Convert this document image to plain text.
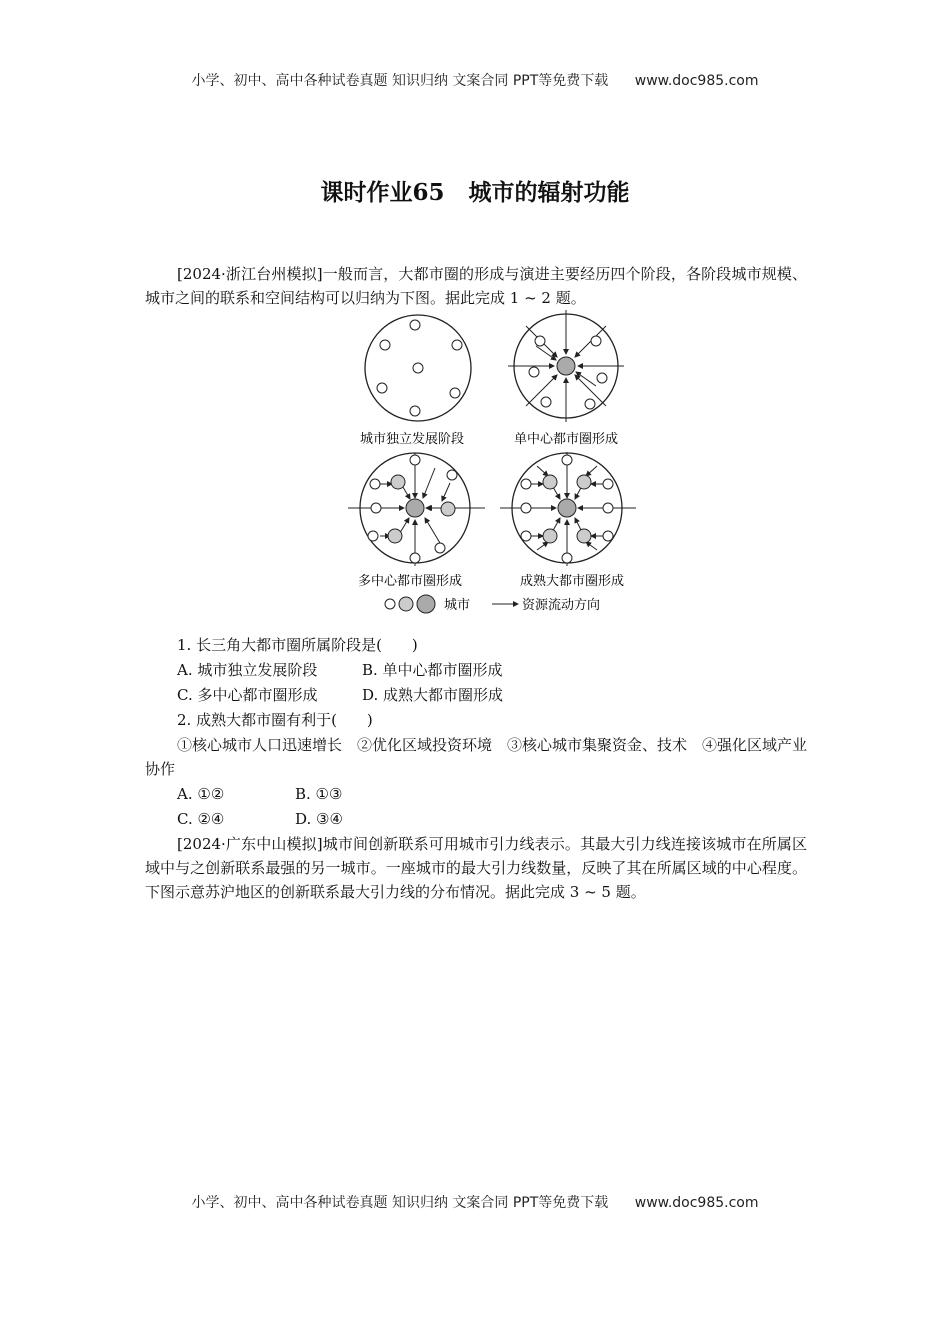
小学、初中、高中各种试卷真题 知识归纳 文案合同 PPT等免费下载 www.doc985.com
课时作业65 城市的辐射功能
[2024·浙江台州模拟]一般而言，大都市圈的形成与演进主要经历四个阶段，各阶段城市规模、城市之间的联系和空间结构可以归纳为下图。据此完成 1 ~ 2 题。
城市独立发展阶段	单中心都市圈形成
多中心都市圈形成	成熟大都市圈形成
城市	资源流动方向
1. 长三角大都市圈所属阶段是(　　)
A. 城市独立发展阶段	B. 单中心都市圈形成
C. 多中心都市圈形成	D. 成熟大都市圈形成
2. 成熟大都市圈有利于(　　)
①核心城市人口迅速增长　②优化区域投资环境　③核心城市集聚资金、技术　④强化区域产业协作
A. ①②	B. ①③
C. ②④	D. ③④
[2024·广东中山模拟]城市间创新联系可用城市引力线表示。其最大引力线连接该城市在所属区域中与之创新联系最强的另一城市。一座城市的最大引力线数量，反映了其在所属区域的中心程度。下图示意苏沪地区的创新联系最大引力线的分布情况。据此完成 3 ~ 5 题。
小学、初中、高中各种试卷真题 知识归纳 文案合同 PPT等免费下载 www.doc985.com
